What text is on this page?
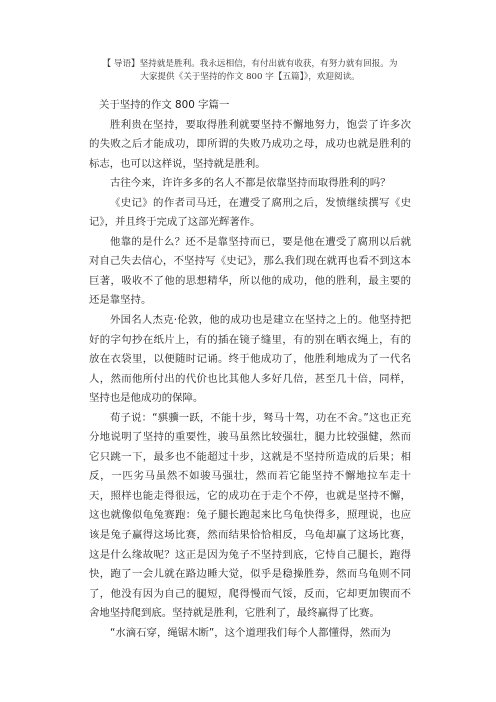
【 导语】坚持就是胜利。我永远相信，有付出就有收获，有努力就有回报。为

大家提供《关于坚持的作文 800 字【五篇】》，欢迎阅读。

关于坚持的作文 800 字篇一

胜利贵在坚持，要取得胜利就要坚持不懈地努力，饱尝了许多次的失败之后才能成功，即所谓的失败乃成功之母，成功也就是胜利的标志，也可以这样说，坚持就是胜利。

古往今来，许许多多的名人不都是依靠坚持而取得胜利的吗？

《史记》的作者司马迁，在遭受了腐刑之后，发愤继续撰写《史记》，并且终于完成了这部光辉著作。

他靠的是什么？还不是靠坚持而已，要是他在遭受了腐刑以后就对自己失去信心，不坚持写《史记》，那么我们现在就再也看不到这本巨著，吸收不了他的思想精华，所以他的成功，他的胜利，最主要的还是靠坚持。

外国名人杰克·伦敦，他的成功也是建立在坚持之上的。他坚持把好的字句抄在纸片上，有的插在镜子缝里，有的别在晒衣绳上，有的放在衣袋里，以便随时记诵。终于他成功了，他胜利地成为了一代名人，然而他所付出的代价也比其他人多好几倍，甚至几十倍，同样，坚持也是他成功的保障。

荀子说：“骐骥一跃，不能十步，驽马十驾，功在不舍。”这也正充分地说明了坚持的重要性，骏马虽然比较强壮，腿力比较强健，然而它只跳一下，最多也不能超过十步，这就是不坚持所造成的后果；相反，一匹劣马虽然不如骏马强壮，然而若它能坚持不懈地拉车走十天，照样也能走得很远，它的成功在于走个不停，也就是坚持不懈，这也就像似龟兔赛跑：兔子腿长跑起来比乌龟快得多，照理说，也应该是兔子赢得这场比赛，然而结果恰恰相反，乌龟却赢了这场比赛，这是什么缘故呢？这正是因为兔子不坚持到底，它恃自己腿长，跑得快，跑了一会儿就在路边睡大觉，似乎是稳操胜券，然而乌龟则不同了，他没有因为自己的腿短，爬得慢而气馁，反而，它却更加锲而不舍地坚持爬到底。坚持就是胜利，它胜利了，最终赢得了比赛。

“水滴石穿，绳锯木断”，这个道理我们每个人都懂得，然而为
